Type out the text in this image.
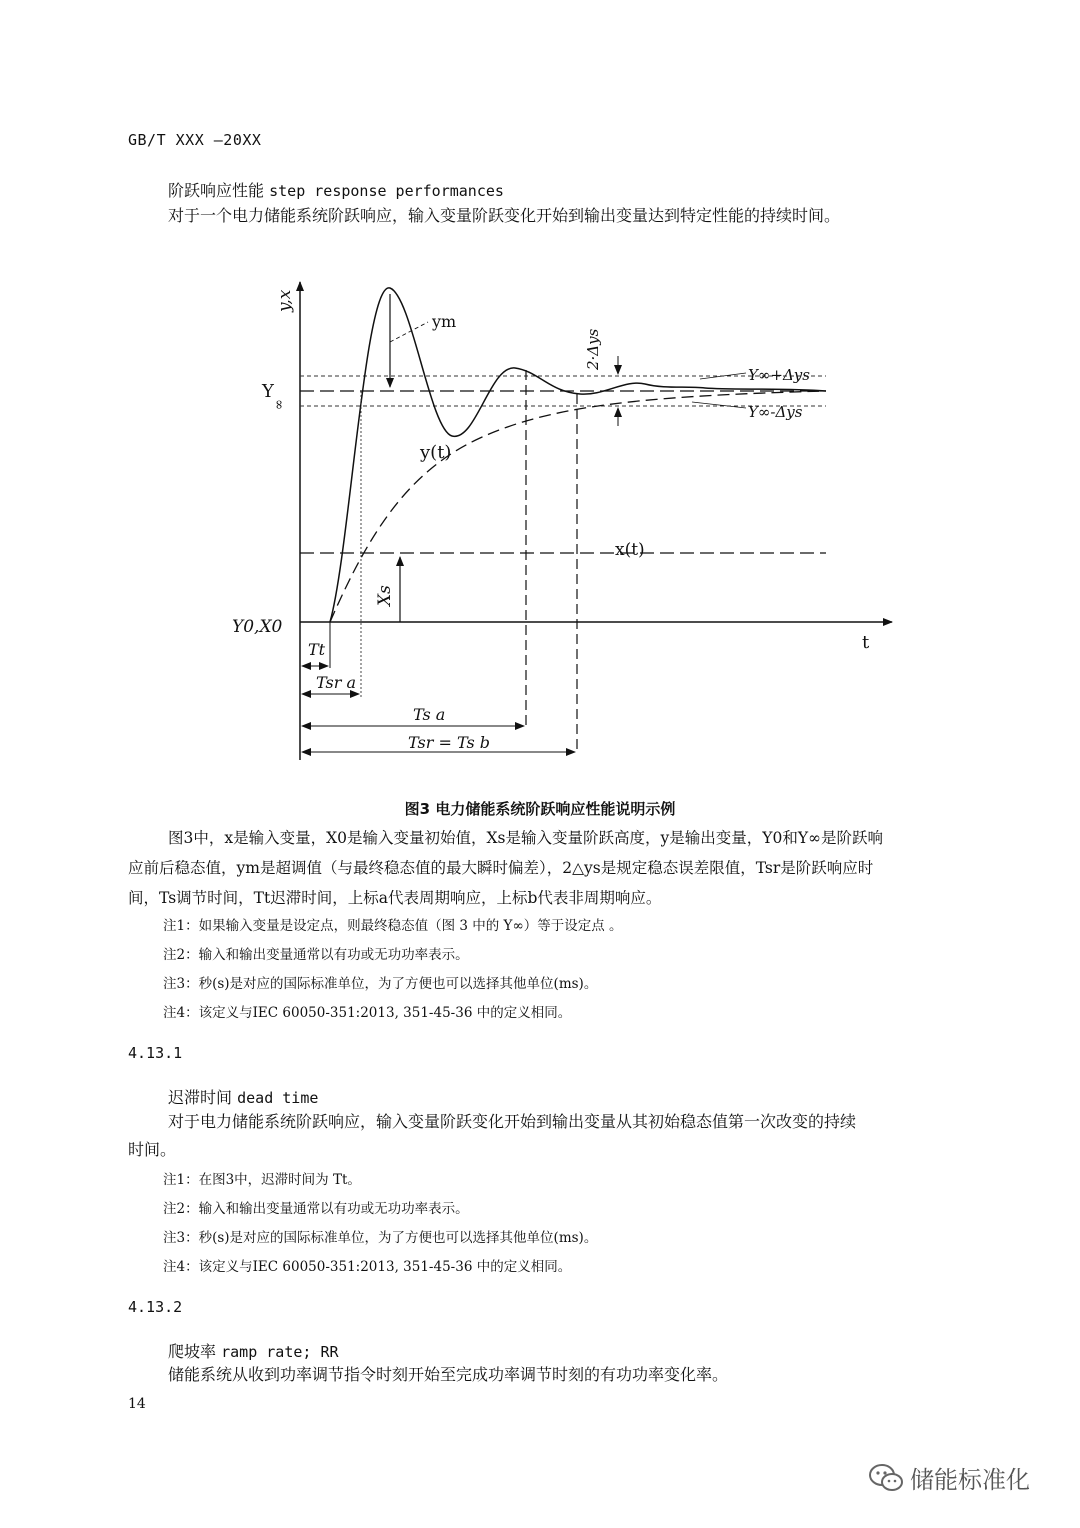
GB/T XXX —20XX
阶跃响应性能 step response performances
对于一个电力储能系统阶跃响应，输入变量阶跃变化开始到输出变量达到特定性能的持续时间。
y,x
t
Y
∞
Y0,X0
ym
Y∞+Δys
Y∞-Δys
2·Δys
y(t)
x(t)
Xs
Tt
Tsr a
Ts a
Tsr = Ts b
图3 电力储能系统阶跃响应性能说明示例
图3中，x是输入变量，X0是输入变量初始值，Xs是输入变量阶跃高度，y是输出变量，Y0和Y∞是阶跃响
应前后稳态值，ym是超调值（与最终稳态值的最大瞬时偏差），2△ys是规定稳态误差限值，Tsr是阶跃响应时
间，Ts调节时间，Tt迟滞时间，上标a代表周期响应，上标b代表非周期响应。
注1：如果输入变量是设定点，则最终稳态值（图 3 中的 Y∞）等于设定点 。
注2：输入和输出变量通常以有功或无功功率表示。
注3：秒(s)是对应的国际标准单位，为了方便也可以选择其他单位(ms)。
注4：该定义与IEC 60050-351:2013, 351-45-36 中的定义相同。
4.13.1
迟滞时间 dead time
对于电力储能系统阶跃响应，输入变量阶跃变化开始到输出变量从其初始稳态值第一次改变的持续
时间。
注1：在图3中，迟滞时间为 Tt。
注2：输入和输出变量通常以有功或无功功率表示。
注3：秒(s)是对应的国际标准单位，为了方便也可以选择其他单位(ms)。
注4：该定义与IEC 60050-351:2013, 351-45-36 中的定义相同。
4.13.2
爬坡率 ramp rate; RR
储能系统从收到功率调节指令时刻开始至完成功率调节时刻的有功功率变化率。
14
储能标准化
